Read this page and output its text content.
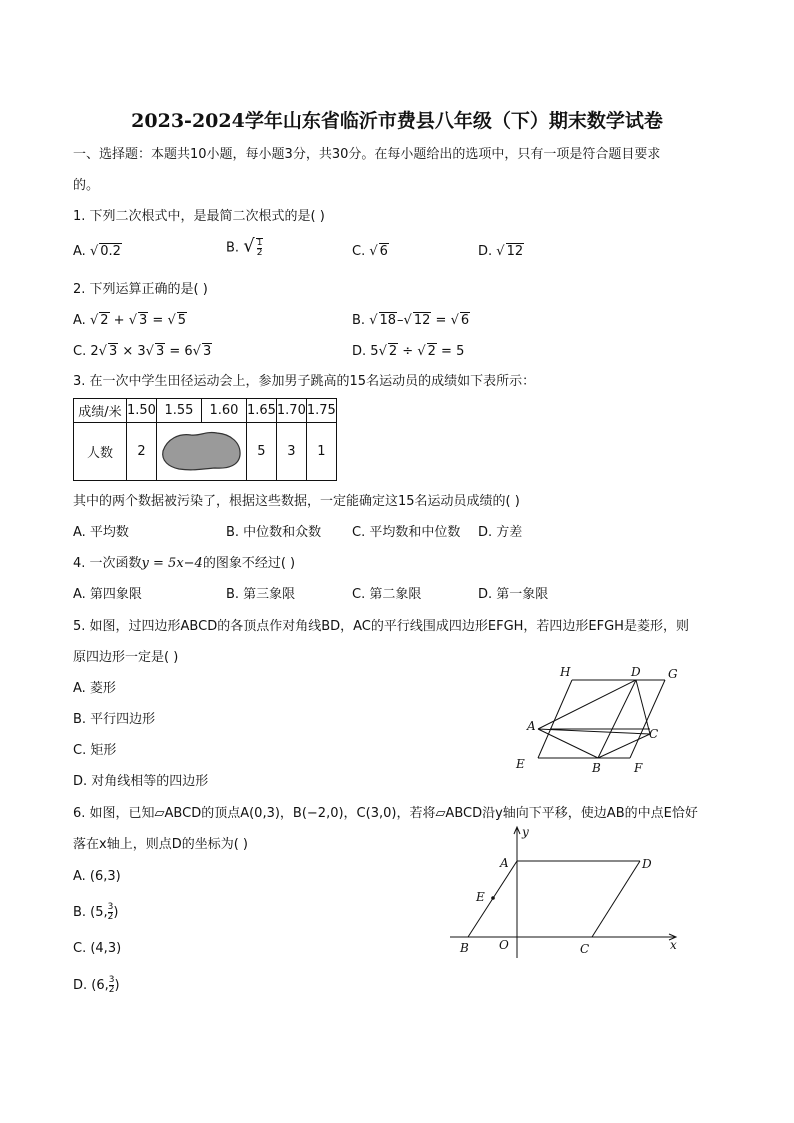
2023-2024学年山东省临沂市费县八年级（下）期末数学试卷
一、选择题：本题共10小题，每小题3分，共30分。在每小题给出的选项中，只有一项是符合题目要求
的。
1. 下列二次根式中，是最简二次根式的是( )
A. √ 0.2	B. √ $\frac{1}{2}$	C. √ 6	D. √ 12
2. 下列运算正确的是( )
A. √ 2 + √ 3 = √ 5	B. √ 18–√ 12 = √ 6
C. 2√ 3 × 3√ 3 = 6√ 3	D. 5√ 2 ÷ √ 2 = 5
3. 在一次中学生田径运动会上，参加男子跳高的15名运动员的成绩如下表所示：
成绩/米	1.50	1.55	1.60	1.65	1.70	1.75
人数	2			5	3	1
其中的两个数据被污染了，根据这些数据，一定能确定这15名运动员成绩的( )
A. 平均数	B. 中位数和众数 C. 平均数和中位数 D. 方差
4. 一次函数y = 5x−4的图象不经过( )
A. 第四象限	B. 第三象限	C. 第二象限	D. 第一象限
5. 如图，过四边形ABCD的各顶点作对角线BD，AC的平行线围成四边形EFGH，若四边形EFGH是菱形，则
原四边形一定是( )
A. 菱形
B. 平行四边形
C. 矩形
D. 对角线相等的四边形
H	D G
A
C
E	B	F
6. 如图，已知▱ABCD的顶点A(0,3)，B(−2,0)，C(3,0)，若将▱ABCD沿y轴向下平移，使边AB的中点E恰好
落在x轴上，则点D的坐标为( )
A. (6,3)
B. (5, $\frac{3}{2}$ )
C. (4,3)
D. (6, $\frac{3}{2}$ )
y
x
A	D
E
B	O	C
